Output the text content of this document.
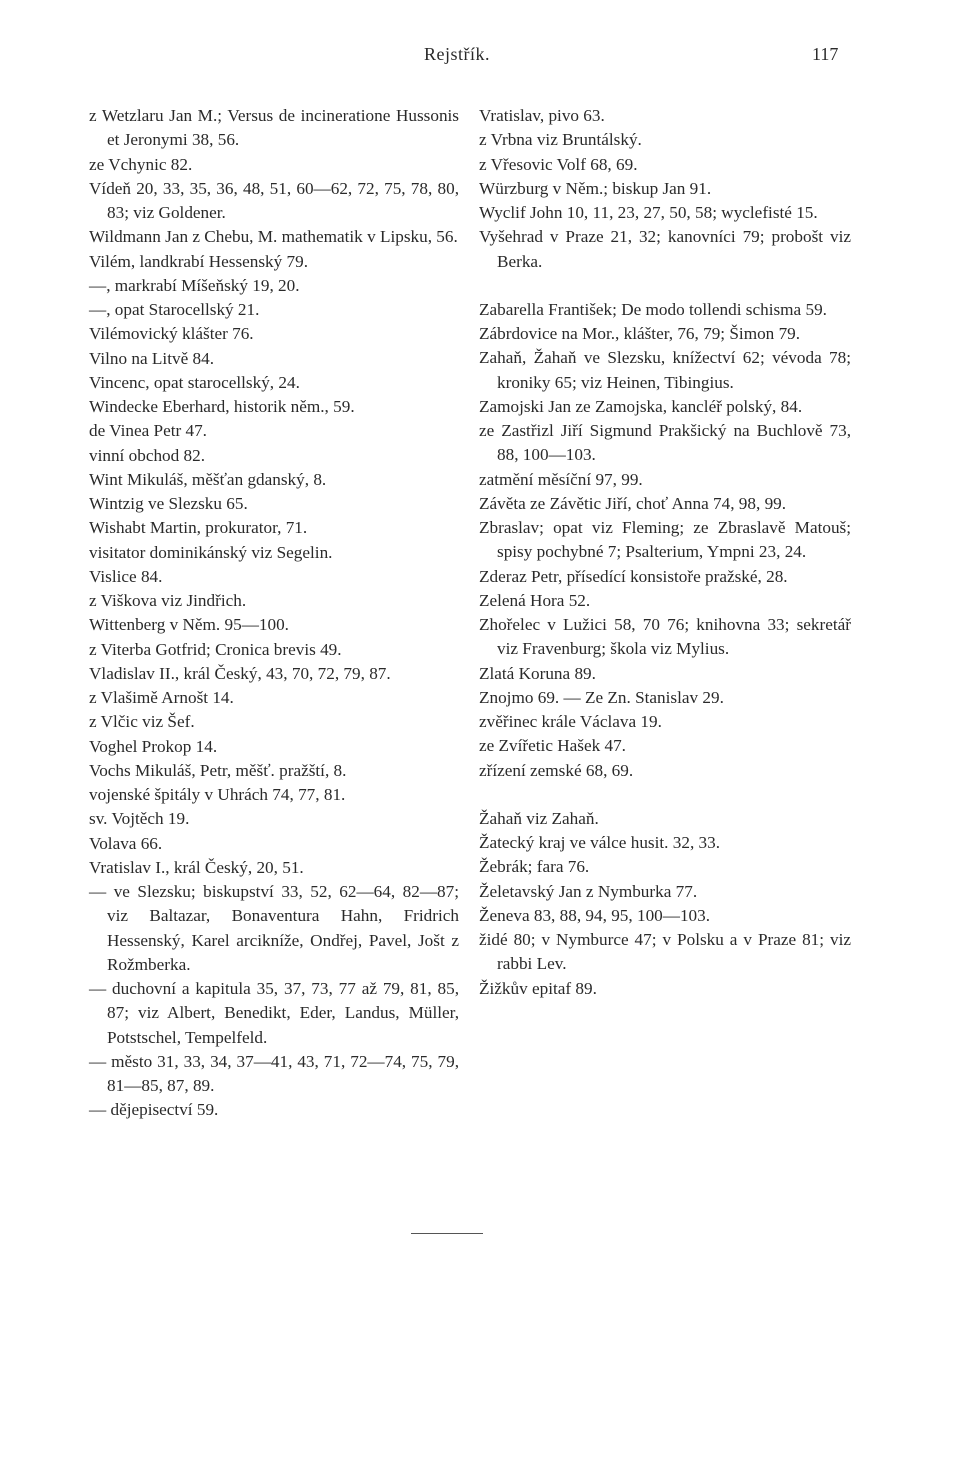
Rejstřík.	117
z Wetzlaru Jan M.; Versus de incineratione Hussonis et Jeronymi 38, 56.
ze Vchynic 82.
Vídeň 20, 33, 35, 36, 48, 51, 60—62, 72, 75, 78, 80, 83; viz Goldener.
Wildmann Jan z Chebu, M. mathematik v Lipsku, 56.
Vilém, landkrabí Hessenský 79.
—, markrabí Míšeňský 19, 20.
—, opat Starocellský 21.
Vilémovický klášter 76.
Vilno na Litvě 84.
Vincenc, opat starocellský, 24.
Windecke Eberhard, historik něm., 59.
de Vinea Petr 47.
vinní obchod 82.
Wint Mikuláš, měšťan gdanský, 8.
Wintzig ve Slezsku 65.
Wishabt Martin, prokurator, 71.
visitator dominikánský viz Segelin.
Vislice 84.
z Viškova viz Jindřich.
Wittenberg v Něm. 95—100.
z Viterba Gotfrid; Cronica brevis 49.
Vladislav II., král Český, 43, 70, 72, 79, 87.
z Vlašimě Arnošt 14.
z Vlčic viz Šef.
Voghel Prokop 14.
Vochs Mikuláš, Petr, měšť. pražští, 8.
vojenské špitály v Uhrách 74, 77, 81.
sv. Vojtěch 19.
Volava 66.
Vratislav I., král Český, 20, 51.
— ve Slezsku; biskupství 33, 52, 62—64, 82—87; viz Baltazar, Bonaventura Hahn, Fridrich Hessenský, Karel arcikníže, Ondřej, Pavel, Jošt z Rožmberka.
— duchovní a kapitula 35, 37, 73, 77 až 79, 81, 85, 87; viz Albert, Benedikt, Eder, Landus, Müller, Potstschel, Tempelfeld.
— město 31, 33, 34, 37—41, 43, 71, 72—74, 75, 79, 81—85, 87, 89.
— dějepisectví 59.
Vratislav, pivo 63.
z Vrbna viz Bruntálský.
z Vřesovic Volf 68, 69.
Würzburg v Něm.; biskup Jan 91.
Wyclif John 10, 11, 23, 27, 50, 58; wyclefisté 15.
Vyšehrad v Praze 21, 32; kanovníci 79; probošt viz Berka.
Zabarella František; De modo tollendi schisma 59.
Zábrdovice na Mor., klášter, 76, 79; Šimon 79.
Zahaň, Žahaň ve Slezsku, knížectví 62; vévoda 78; kroniky 65; viz Heinen, Tibingius.
Zamojski Jan ze Zamojska, kancléř polský, 84.
ze Zastřizl Jiří Sigmund Prakšický na Buchlově 73, 88, 100—103.
zatmění měsíční 97, 99.
Závěta ze Závětic Jiří, choť Anna 74, 98, 99.
Zbraslav; opat viz Fleming; ze Zbraslavě Matouš; spisy pochybné 7; Psalterium, Ympni 23, 24.
Zderaz Petr, přísedící konsistoře pražské, 28.
Zelená Hora 52.
Zhořelec v Lužici 58, 70 76; knihovna 33; sekretář viz Fravenburg; škola viz Mylius.
Zlatá Koruna 89.
Znojmo 69. — Ze Zn. Stanislav 29.
zvěřinec krále Václava 19.
ze Zvířetic Hašek 47.
zřízení zemské 68, 69.
Žahaň viz Zahaň.
Žatecký kraj ve válce husit. 32, 33.
Žebrák; fara 76.
Želetavský Jan z Nymburka 77.
Ženeva 83, 88, 94, 95, 100—103.
židé 80; v Nymburce 47; v Polsku a v Praze 81; viz rabbi Lev.
Žižkův epitaf 89.
